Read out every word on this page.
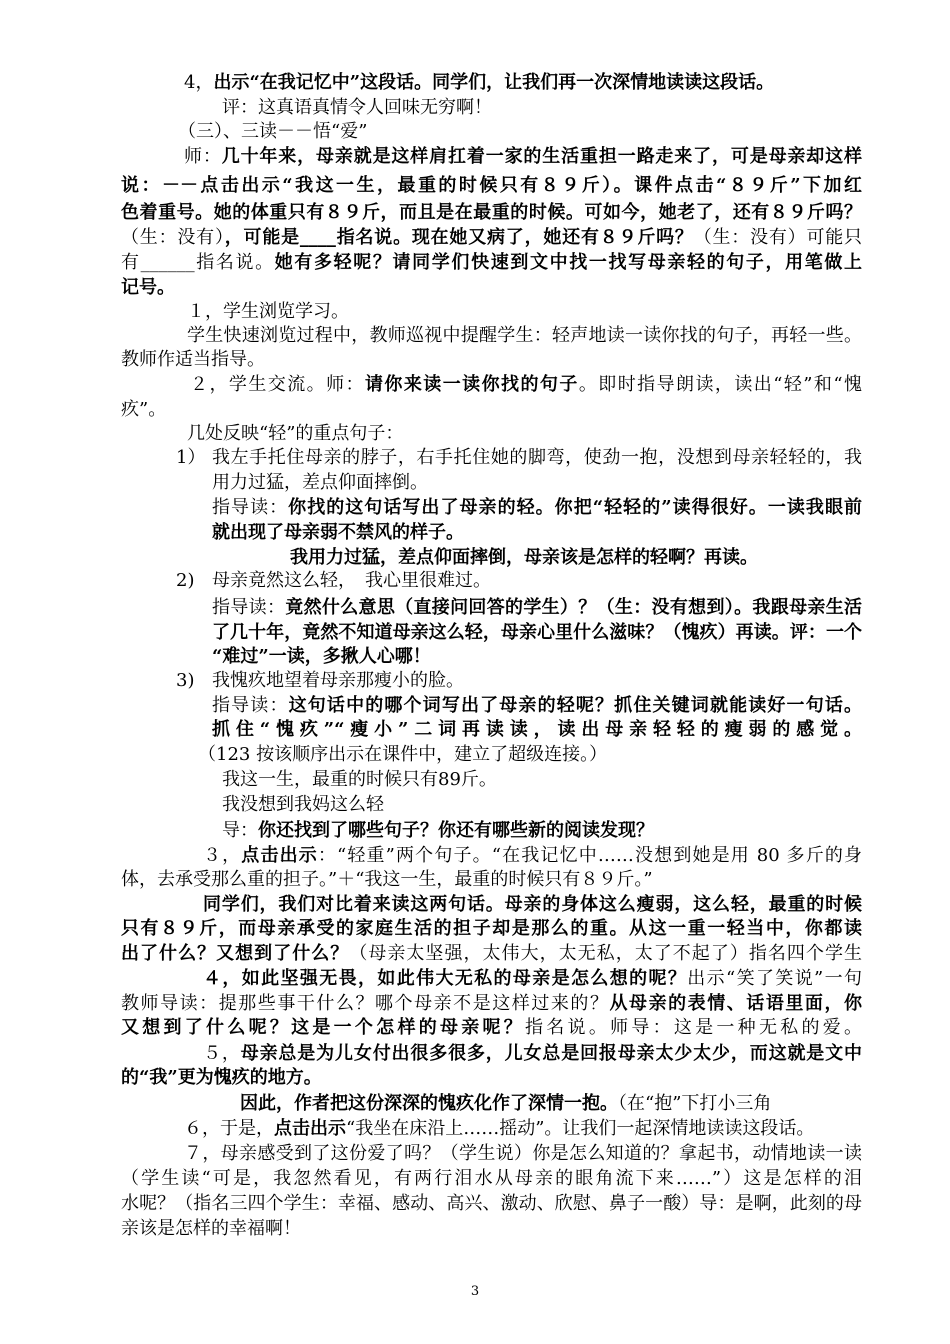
4，出示“在我记忆中”这段话。同学们，让我们再一次深情地读读这段话。
评：这真语真情令人回味无穷啊！
（三）、三读－－悟“爱”
师：几十年来，母亲就是这样肩扛着一家的生活重担一路走来了，可是母亲却这样
说：－－点击出示“我这一生，最重的时候只有８９斤）。课件点击“８９斤”下加红
色着重号。她的体重只有８９斤，而且是在最重的时候。可如今，她老了，还有８９斤吗？
（生：没有），可能是____指名说。现在她又病了，她还有８９斤吗？（生：没有）可能只
有______指名说。她有多轻呢？请同学们快速到文中找一找写母亲轻的句子，用笔做上
记号。
１，学生浏览学习。
学生快速浏览过程中，教师巡视中提醒学生：轻声地读一读你找的句子，再轻一些。
教师作适当指导。
２，学生交流。师：请你来读一读你找的句子。即时指导朗读，读出“轻”和“愧
疚”。
几处反映“轻”的重点句子：
我左手托住母亲的脖子，右手托住她的脚弯，使劲一抱，没想到母亲轻轻的，我
用力过猛，差点仰面摔倒。
指导读：你找的这句话写出了母亲的轻。你把“轻轻的”读得很好。一读我眼前
就出现了母亲弱不禁风的样子。
我用力过猛，差点仰面摔倒，母亲该是怎样的轻啊？再读。
母亲竟然这么轻，　我心里很难过。
指导读：竟然什么意思（直接问回答的学生）？（生：没有想到）。我跟母亲生活
了几十年，竟然不知道母亲这么轻，母亲心里什么滋味？（愧疚）再读。评：一个
“难过”一读，多揪人心哪！
我愧疚地望着母亲那瘦小的脸。
指导读：这句话中的哪个词写出了母亲的轻呢？抓住关键词就能读好一句话。
抓住“愧疚”“瘦小”二词再读读，读出母亲轻轻的瘦弱的感觉。
（123 按该顺序出示在课件中，建立了超级连接。）
我这一生，最重的时候只有89斤。
我没想到我妈这么轻
导：你还找到了哪些句子？你还有哪些新的阅读发现？
３，点击出示：“轻重”两个句子。“在我记忆中……没想到她是用 80 多斤的身
体，去承受那么重的担子。”＋“我这一生，最重的时候只有８９斤。”
同学们，我们对比着来读这两句话。母亲的身体这么瘦弱，这么轻，最重的时候
只有８９斤，而母亲承受的家庭生活的担子却是那么的重。从这一重一轻当中，你都读
出了什么？又想到了什么？（母亲太坚强，太伟大，太无私，太了不起了）指名四个学生
４，如此坚强无畏，如此伟大无私的母亲是怎么想的呢？出示“笑了笑说”一句
教师导读：提那些事干什么？哪个母亲不是这样过来的？从母亲的表情、话语里面，你
又想到了什么呢？这是一个怎样的母亲呢？指名说。师导：这是一种无私的爱。
５，母亲总是为儿女付出很多很多，儿女总是回报母亲太少太少，而这就是文中
的“我”更为愧疚的地方。
因此，作者把这份深深的愧疚化作了深情一抱。（在“抱”下打小三角
６，于是，点击出示“我坐在床沿上……摇动”。让我们一起深情地读读这段话。
７，母亲感受到了这份爱了吗？（学生说）你是怎么知道的？拿起书，动情地读一读
（学生读“可是，我忽然看见，有两行泪水从母亲的眼角流下来……”）这是怎样的泪
水呢？（指名三四个学生：幸福、感动、高兴、激动、欣慰、鼻子一酸）导：是啊，此刻的母
亲该是怎样的幸福啊！
1）
2)
3)
3
